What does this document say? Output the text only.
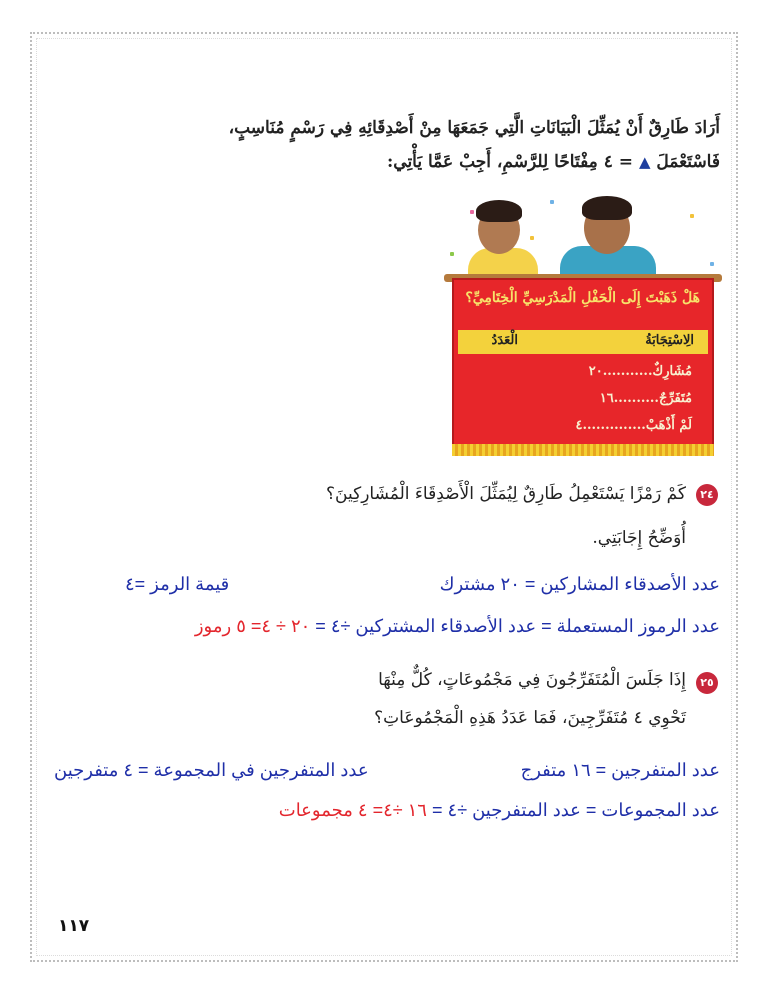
أَرَادَ طَارِقٌ أَنْ يُمَثِّلَ الْبَيَانَاتِ الَّتِي جَمَعَهَا مِنْ أَصْدِقَائِهِ فِي رَسْمٍ مُنَاسِبٍ،
فَاسْتَعْمَلَ ▲ = ٤ مِفْتَاحًا لِلرَّسْمِ، أَجِبْ عَمَّا يَأْتِي:
هَلْ ذَهَبْتَ إِلَى الْحَفْلِ الْمَدْرَسِيِّ الْخِتَامِيِّ؟
الِاسْتِجَابَةُ
الْعَدَدُ
مُشَارِكٌ...........٢٠
مُتَفَرِّجٌ..........١٦
لَمْ أَذْهَبْ..............٤
٢٤
كَمْ رَمْزًا يَسْتَعْمِلُ طَارِقٌ لِيُمَثِّلَ الْأَصْدِقَاءَ الْمُشَارِكِينَ؟
أُوَضِّحُ إِجَابَتِي.
عدد الأصدقاء المشاركين = ٢٠ مشترك
قيمة الرمز =٤
عدد الرموز المستعملة = عدد الأصدقاء المشتركين ÷٤ = ٢٠ ÷ ٤= ٥ رموز
٢٥
إِذَا جَلَسَ الْمُتَفَرِّجُونَ فِي مَجْمُوعَاتٍ، كُلٌّ مِنْهَا
تَحْوِي ٤ مُتَفَرِّجِينَ، فَمَا عَدَدُ هَذِهِ الْمَجْمُوعَاتِ؟
عدد المتفرجين = ١٦ متفرج
عدد المتفرجين في المجموعة = ٤ متفرجين
عدد المجموعات = عدد المتفرجين ÷٤ = ١٦ ÷٤= ٤ مجموعات
١١٧
